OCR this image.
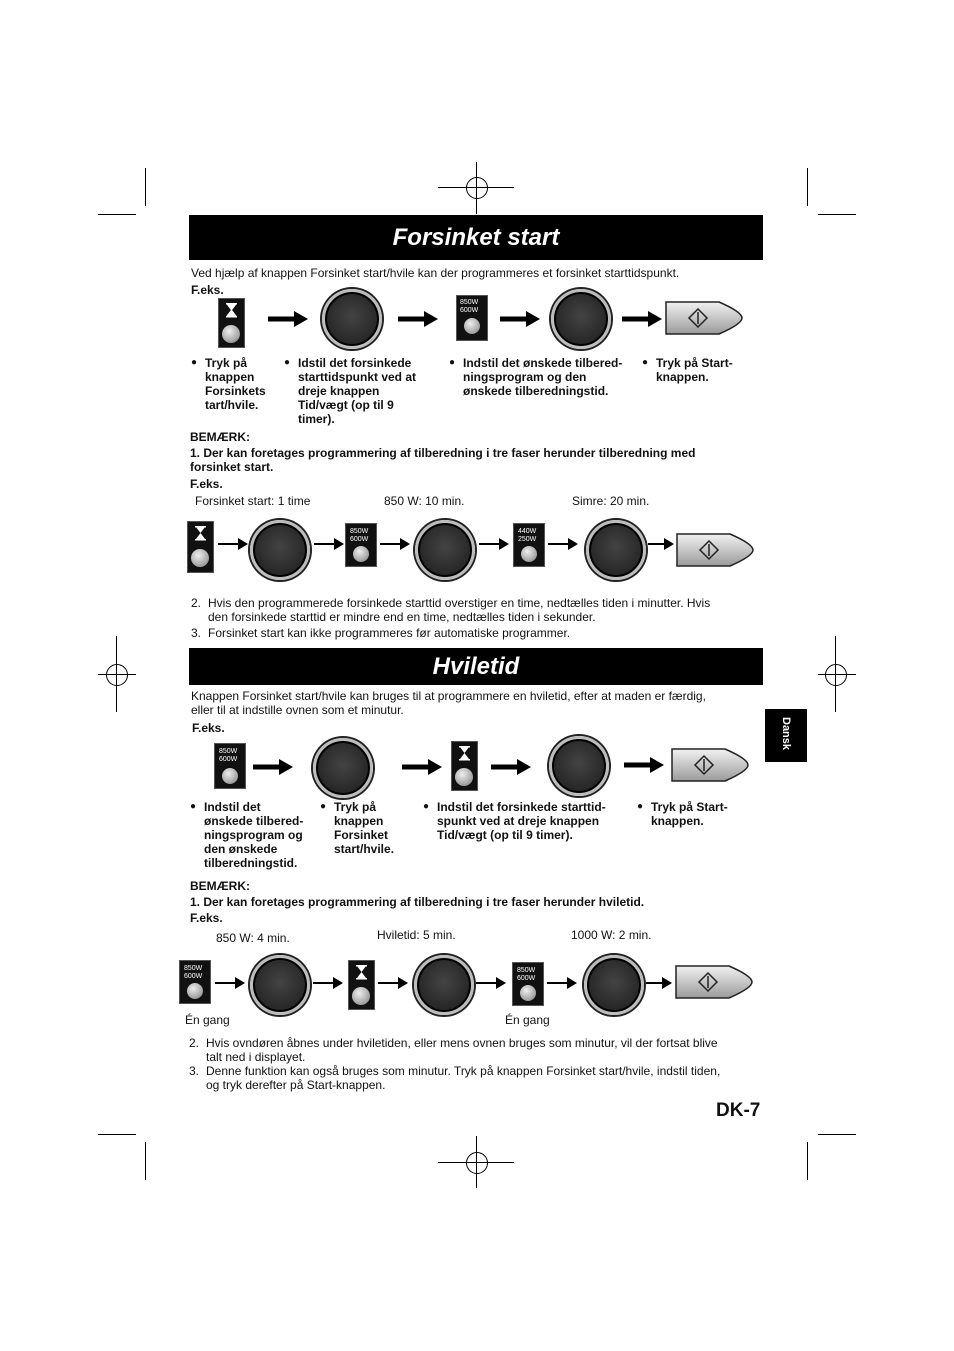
Forsinket start
Ved hjælp af knappen Forsinket start/hvile kan der programmeres et forsinket starttidspunkt.
F.eks.
850W
600W
● Tryk på
knappen
Forsinkets
tart/hvile.
● Idstil det forsinkede
starttidspunkt ved at
dreje knappen
Tid/vægt (op til 9
timer).
● Indstil det ønskede tilbered-
ningsprogram og den
ønskede tilberedningstid.
● Tryk på Start-
knappen.
BEMÆRK:
1. Der kan foretages programmering af tilberedning i tre faser herunder tilberedning med
forsinket start.
F.eks.
Forsinket start: 1 time	850 W: 10 min.	Simre: 20 min.
850W
600W
440W
250W
2. Hvis den programmerede forsinkede starttid overstiger en time, nedtælles tiden i minutter. Hvis
den forsinkede starttid er mindre end en time, nedtælles tiden i sekunder.
3. Forsinket start kan ikke programmeres før automatiske programmer.
Hviletid
Knappen Forsinket start/hvile kan bruges til at programmere en hviletid, efter at maden er færdig,
eller til at indstille ovnen som et minutur.
F.eks.
850W
600W
● Indstil det
ønskede tilbered-
ningsprogram og
den ønskede
tilberedningstid.
● Tryk på
knappen
Forsinket
start/hvile.
● Indstil det forsinkede starttid-
spunkt ved at dreje knappen
Tid/vægt (op til 9 timer).
● Tryk på Start-
knappen.
BEMÆRK:
1. Der kan foretages programmering af tilberedning i tre faser herunder hviletid.
F.eks.
850 W: 4 min.	Hviletid: 5 min.	1000 W: 2 min.
850W
600W
850W
600W
Én gang	Én gang
2. Hvis ovndøren åbnes under hviletiden, eller mens ovnen bruges som minutur, vil der fortsat blive
talt ned i displayet.
3. Denne funktion kan også bruges som minutur. Tryk på knappen Forsinket start/hvile, indstil tiden,
og tryk derefter på Start-knappen.
Dansk
DK-7
